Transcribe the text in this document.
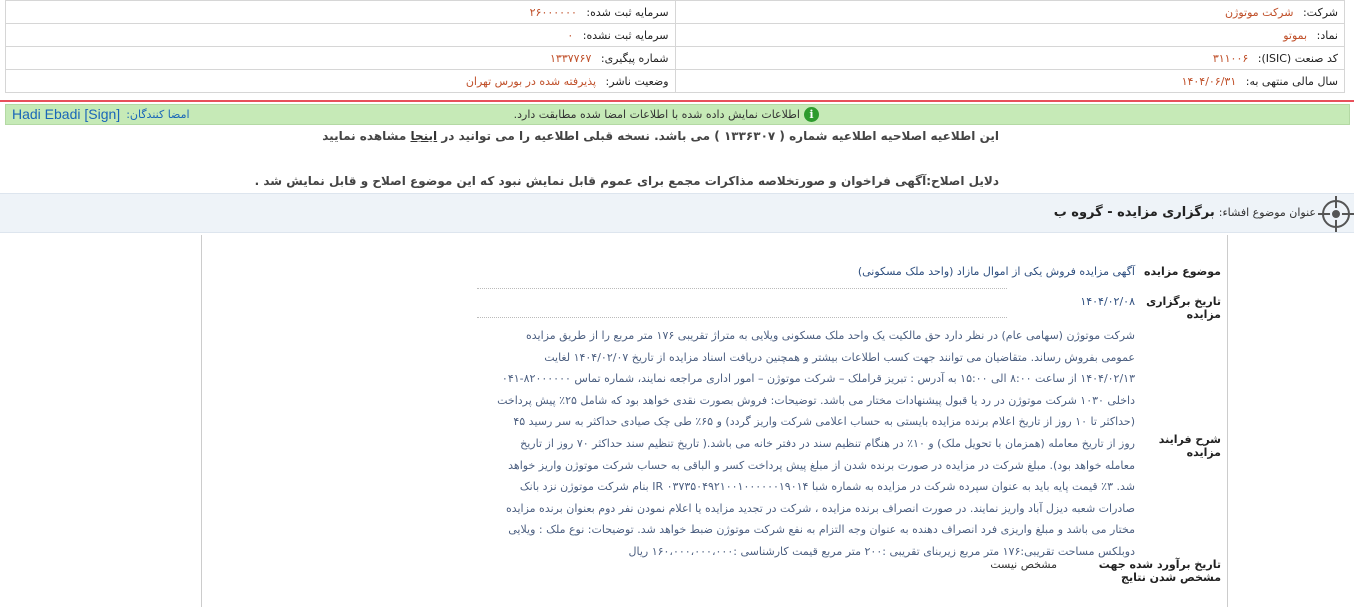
شرکت: شرکت موتوژن	سرمایه ثبت شده: ۲۶۰۰۰۰۰۰
نماد: بموتو	سرمایه ثبت نشده: ۰
کد صنعت (ISIC): ۳۱۱۰۰۶	شماره پیگیری: ۱۳۳۷۷۶۷
سال مالی منتهی به: ۱۴۰۴/۰۶/۳۱	وضعیت ناشر: پذیرفته شده در بورس تهران
i
اطلاعات نمایش داده شده با اطلاعات امضا شده مطابقت دارد.
امضا کنندگان:
Hadi Ebadi [Sign]
این اطلاعیه اصلاحیه اطلاعیه شماره ( ۱۳۳۶۳۰۷ ) می باشد. نسخه قبلی اطلاعیه را می توانید در اینجا مشاهده نمایید
دلایل اصلاح:آگهی فراخوان و صورتخلاصه مذاکرات مجمع برای عموم قابل نمایش نبود که این موضوع اصلاح و قابل نمایش شد .
عنوان موضوع افشاء:
برگزاری مزایده - گروه ب
موضوع مزایده
آگهی مزایده فروش یکی از اموال مازاد (واحد ملک مسکونی)
تاریخ برگزاری مزایده
۱۴۰۴/۰۲/۰۸
شرح فرایند مزایده
شرکت موتوژن (سهامی عام) در نظر دارد حق مالکیت یک واحد ملک مسکونی ویلایی به متراژ تقریبی ۱۷۶ متر مربع را از طریق مزایده عمومی بفروش رساند. متقاضیان می توانند جهت کسب اطلاعات بیشتر و همچنین دریافت اسناد مزایده از تاریخ ۱۴۰۴/۰۲/۰۷ لغایت ۱۴۰۴/۰۲/۱۳ از ساعت ۸:۰۰ الی ۱۵:۰۰ به آدرس : تبریز قراملک – شرکت موتوژن – امور اداری مراجعه نمایند، شماره تماس ۸۲۰۰۰۰۰۰-۰۴۱ داخلی ۱۰۳۰ شرکت موتوژن در رد یا قبول پیشنهادات مختار می باشد. توضیحات: فروش بصورت نقدی خواهد بود که شامل ۲۵٪ پیش پرداخت (حداکثر تا ۱۰ روز از تاریخ اعلام برنده مزایده بایستی به حساب اعلامی شرکت واریز گردد) و ۶۵٪ طی چک صیادی حداکثر به سر رسید ۴۵ روز از تاریخ معامله (همزمان با تحویل ملک) و ۱۰٪ در هنگام تنظیم سند در دفتر خانه می باشد.( تاریخ تنظیم سند حداکثر ۷۰ روز از تاریخ معامله خواهد بود). مبلغ شرکت در مزایده در صورت برنده شدن از مبلغ پیش پرداخت کسر و الباقی به حساب شرکت موتوژن واریز خواهد شد. ۳٪ قیمت پایه باید به عنوان سپرده شرکت در مزایده به شماره شبا IR ۰۳۷۳۵۰۴۹۲۱۰۰۱۰۰۰۰۰۰۱۹۰۱۴ بنام شرکت موتوژن نزد بانک صادرات شعبه دیزل آباد واریز نمایند. در صورت انصراف برنده مزایده ، شرکت در تجدید مزایده یا اعلام نمودن نفر دوم بعنوان برنده مزایده مختار می باشد و مبلغ واریزی فرد انصراف دهنده به عنوان وجه التزام به نفع شرکت موتوژن ضبط خواهد شد. توضیحات: نوع ملک : ویلایی دوبلکس مساحت تقریبی:۱۷۶ متر مربع زیربنای تقریبی :۲۰۰ متر مربع قیمت کارشناسی :۱۶۰،۰۰۰،۰۰۰،۰۰۰ ریال
تاریخ برآورد شده جهت مشخص شدن نتایج
مشخص نیست
